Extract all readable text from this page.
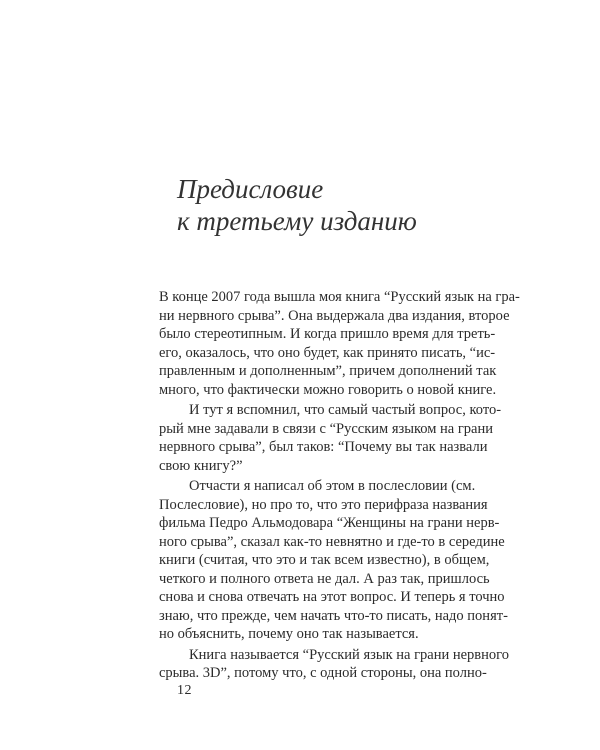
Предисловие
к третьему изданию
В конце 2007 года вышла моя книга “Русский язык на гра-
ни нервного срыва”. Она выдержала два издания, второе
было стереотипным. И когда пришло время для треть-
его, оказалось, что оно будет, как принято писать, “ис-
правленным и дополненным”, причем дополнений так
много, что фактически можно говорить о новой книге.
И тут я вспомнил, что самый частый вопрос, кото-
рый мне задавали в связи с “Русским языком на грани
нервного срыва”, был таков: “Почему вы так назвали
свою книгу?”
Отчасти я написал об этом в послесловии (см.
Послесловие), но про то, что это перифраза названия
фильма Педро Альмодовара “Женщины на грани нерв-
ного срыва”, сказал как-то невнятно и где-то в середине
книги (считая, что это и так всем известно), в общем,
четкого и полного ответа не дал. А раз так, пришлось
снова и снова отвечать на этот вопрос. И теперь я точно
знаю, что прежде, чем начать что-то писать, надо понят-
но объяснить, почему оно так называется.
Книга называется “Русский язык на грани нервного
срыва. 3D”, потому что, с одной стороны, она полно-
12
